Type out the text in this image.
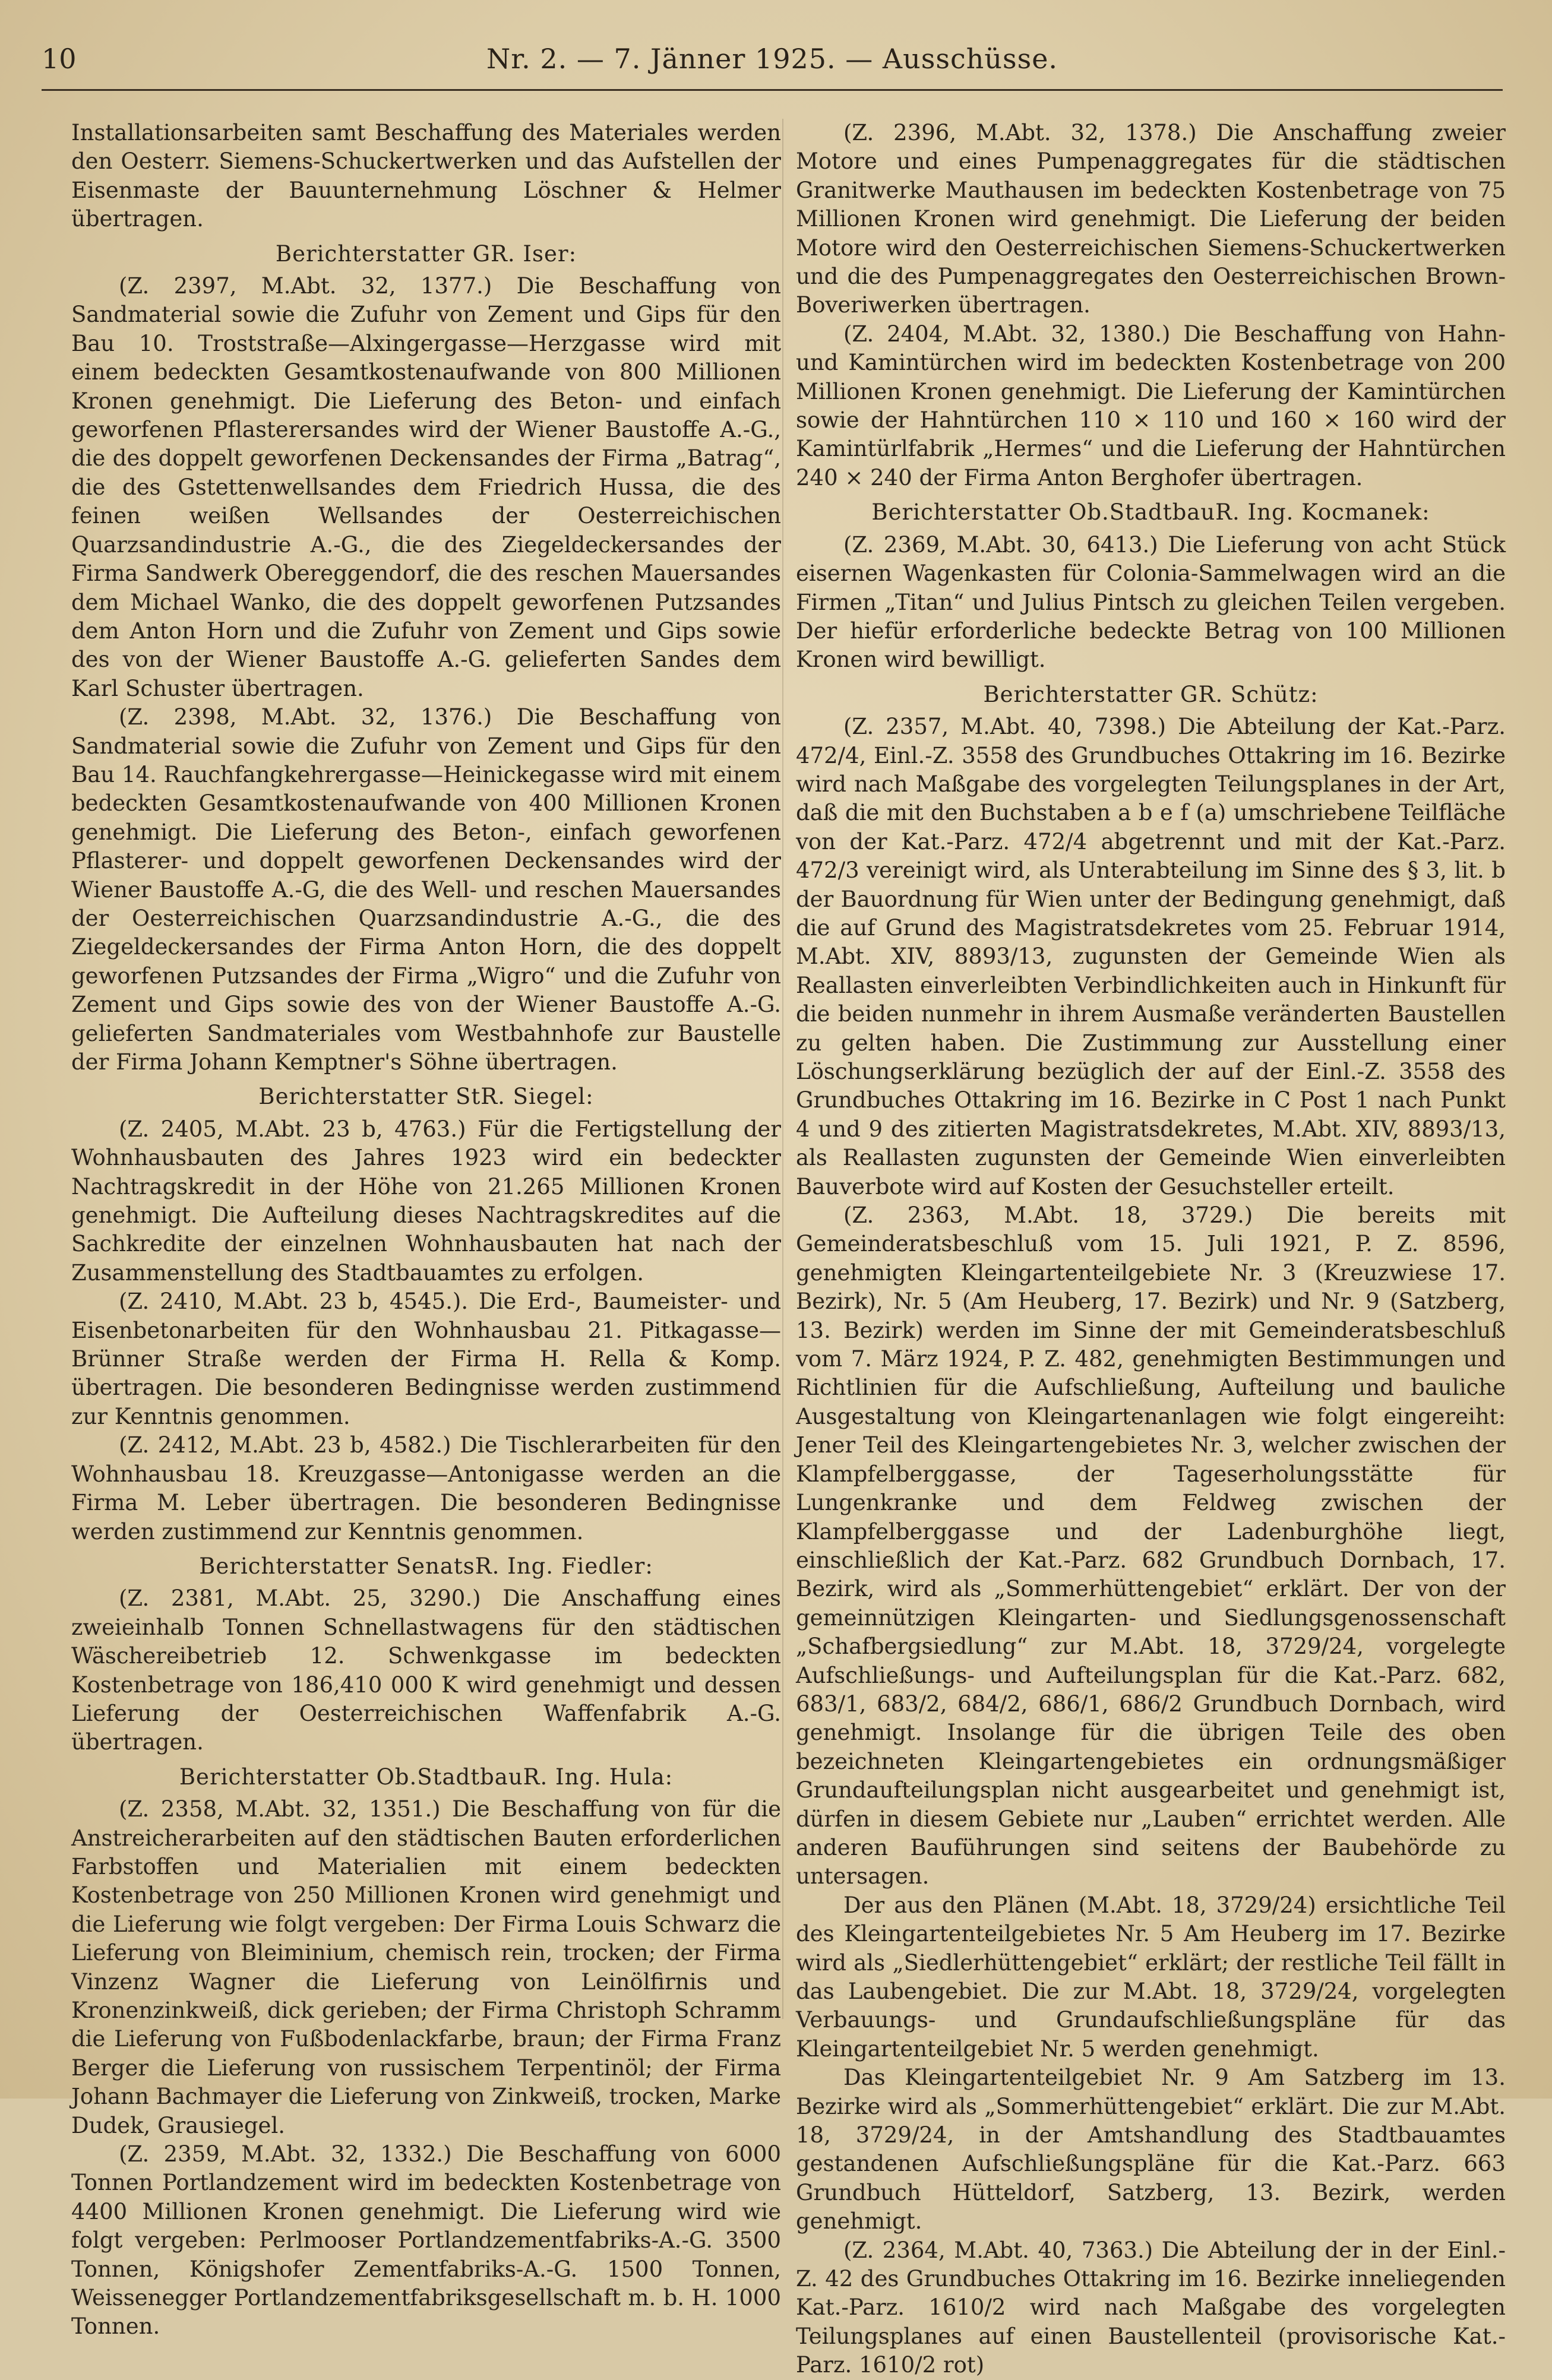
10	Nr. 2. — 7. Jänner 1925. — Ausschüsse.

Installationsarbeiten samt Beschaffung des Materiales werden den Oesterr. Siemens-Schuckertwerken und das Aufstellen der Eisenmaste der Bauunternehmung Löschner & Helmer übertragen.

Berichterstatter GR. Iser:

(Z. 2397, M.Abt. 32, 1377.) Die Beschaffung von Sandmaterial sowie die Zufuhr von Zement und Gips für den Bau 10. Troststraße—Alxingergasse—Herzgasse wird mit einem bedeckten Gesamtkostenaufwande von 800 Millionen Kronen genehmigt. Die Lieferung des Beton- und einfach geworfenen Pflasterersandes wird der Wiener Baustoffe A.-G., die des doppelt geworfenen Deckensandes der Firma „Batrag“, die des Gstettenwellsandes dem Friedrich Hussa, die des feinen weißen Wellsandes der Oesterreichischen Quarzsandindustrie A.-G., die des Ziegeldeckersandes der Firma Sandwerk Obereggendorf, die des reschen Mauersandes dem Michael Wanko, die des doppelt geworfenen Putzsandes dem Anton Horn und die Zufuhr von Zement und Gips sowie des von der Wiener Baustoffe A.-G. gelieferten Sandes dem Karl Schuster übertragen.

(Z. 2398, M.Abt. 32, 1376.) Die Beschaffung von Sandmaterial sowie die Zufuhr von Zement und Gips für den Bau 14. Rauchfangkehrergasse—Heinickegasse wird mit einem bedeckten Gesamtkostenaufwande von 400 Millionen Kronen genehmigt. Die Lieferung des Beton-, einfach geworfenen Pflasterer- und doppelt geworfenen Deckensandes wird der Wiener Baustoffe A.-G, die des Well- und reschen Mauersandes der Oesterreichischen Quarzsandindustrie A.-G., die des Ziegeldeckersandes der Firma Anton Horn, die des doppelt geworfenen Putzsandes der Firma „Wigro“ und die Zufuhr von Zement und Gips sowie des von der Wiener Baustoffe A.-G. gelieferten Sandmateriales vom Westbahnhofe zur Baustelle der Firma Johann Kemptner's Söhne übertragen.

Berichterstatter StR. Siegel:

(Z. 2405, M.Abt. 23 b, 4763.) Für die Fertigstellung der Wohnhausbauten des Jahres 1923 wird ein bedeckter Nachtragskredit in der Höhe von 21.265 Millionen Kronen genehmigt. Die Aufteilung dieses Nachtragskredites auf die Sachkredite der einzelnen Wohnhausbauten hat nach der Zusammenstellung des Stadtbauamtes zu erfolgen.

(Z. 2410, M.Abt. 23 b, 4545.). Die Erd-, Baumeister- und Eisenbetonarbeiten für den Wohnhausbau 21. Pitkagasse—Brünner Straße werden der Firma H. Rella & Komp. übertragen. Die besonderen Bedingnisse werden zustimmend zur Kenntnis genommen.

(Z. 2412, M.Abt. 23 b, 4582.) Die Tischlerarbeiten für den Wohnhausbau 18. Kreuzgasse—Antonigasse werden an die Firma M. Leber übertragen. Die besonderen Bedingnisse werden zustimmend zur Kenntnis genommen.

Berichterstatter SenatsR. Ing. Fiedler:

(Z. 2381, M.Abt. 25, 3290.) Die Anschaffung eines zweieinhalb Tonnen Schnellastwagens für den städtischen Wäschereibetrieb 12. Schwenkgasse im bedeckten Kostenbetrage von 186,410 000 K wird genehmigt und dessen Lieferung der Oesterreichischen Waffenfabrik A.-G. übertragen.

Berichterstatter Ob.StadtbauR. Ing. Hula:

(Z. 2358, M.Abt. 32, 1351.) Die Beschaffung von für die Anstreicherarbeiten auf den städtischen Bauten erforderlichen Farbstoffen und Materialien mit einem bedeckten Kostenbetrage von 250 Millionen Kronen wird genehmigt und die Lieferung wie folgt vergeben: Der Firma Louis Schwarz die Lieferung von Bleiminium, chemisch rein, trocken; der Firma Vinzenz Wagner die Lieferung von Leinölfirnis und Kronenzinkweiß, dick gerieben; der Firma Christoph Schramm die Lieferung von Fußbodenlackfarbe, braun; der Firma Franz Berger die Lieferung von russischem Terpentinöl; der Firma Johann Bachmayer die Lieferung von Zinkweiß, trocken, Marke Dudek, Grausiegel.

(Z. 2359, M.Abt. 32, 1332.) Die Beschaffung von 6000 Tonnen Portlandzement wird im bedeckten Kostenbetrage von 4400 Millionen Kronen genehmigt. Die Lieferung wird wie folgt vergeben: Perlmooser Portlandzementfabriks-A.-G. 3500 Tonnen, Königshofer Zementfabriks-A.-G. 1500 Tonnen, Weissenegger Portlandzementfabriksgesellschaft m. b. H. 1000 Tonnen.

(Z. 2396, M.Abt. 32, 1378.) Die Anschaffung zweier Motore und eines Pumpenaggregates für die städtischen Granitwerke Mauthausen im bedeckten Kostenbetrage von 75 Millionen Kronen wird genehmigt. Die Lieferung der beiden Motore wird den Oesterreichischen Siemens-Schuckertwerken und die des Pumpenaggregates den Oesterreichischen Brown-Boveriwerken übertragen.

(Z. 2404, M.Abt. 32, 1380.) Die Beschaffung von Hahn- und Kamintürchen wird im bedeckten Kostenbetrage von 200 Millionen Kronen genehmigt. Die Lieferung der Kamintürchen sowie der Hahntürchen 110 × 110 und 160 × 160 wird der Kamintürlfabrik „Hermes“ und die Lieferung der Hahntürchen 240 × 240 der Firma Anton Berghofer übertragen.

Berichterstatter Ob.StadtbauR. Ing. Kocmanek:

(Z. 2369, M.Abt. 30, 6413.) Die Lieferung von acht Stück eisernen Wagenkasten für Colonia-Sammelwagen wird an die Firmen „Titan“ und Julius Pintsch zu gleichen Teilen vergeben. Der hiefür erforderliche bedeckte Betrag von 100 Millionen Kronen wird bewilligt.

Berichterstatter GR. Schütz:

(Z. 2357, M.Abt. 40, 7398.) Die Abteilung der Kat.-Parz. 472/4, Einl.-Z. 3558 des Grundbuches Ottakring im 16. Bezirke wird nach Maßgabe des vorgelegten Teilungsplanes in der Art, daß die mit den Buchstaben a b e f (a) umschriebene Teilfläche von der Kat.-Parz. 472/4 abgetrennt und mit der Kat.-Parz. 472/3 vereinigt wird, als Unterabteilung im Sinne des § 3, lit. b der Bauordnung für Wien unter der Bedingung genehmigt, daß die auf Grund des Magistratsdekretes vom 25. Februar 1914, M.Abt. XIV, 8893/13, zugunsten der Gemeinde Wien als Reallasten einverleibten Verbindlichkeiten auch in Hinkunft für die beiden nunmehr in ihrem Ausmaße veränderten Baustellen zu gelten haben. Die Zustimmung zur Ausstellung einer Löschungserklärung bezüglich der auf der Einl.-Z. 3558 des Grundbuches Ottakring im 16. Bezirke in C Post 1 nach Punkt 4 und 9 des zitierten Magistratsdekretes, M.Abt. XIV, 8893/13, als Reallasten zugunsten der Gemeinde Wien einverleibten Bauverbote wird auf Kosten der Gesuchsteller erteilt.

(Z. 2363, M.Abt. 18, 3729.) Die bereits mit Gemeinderatsbeschluß vom 15. Juli 1921, P. Z. 8596, genehmigten Kleingartenteilgebiete Nr. 3 (Kreuzwiese 17. Bezirk), Nr. 5 (Am Heuberg, 17. Bezirk) und Nr. 9 (Satzberg, 13. Bezirk) werden im Sinne der mit Gemeinderatsbeschluß vom 7. März 1924, P. Z. 482, genehmigten Bestimmungen und Richtlinien für die Aufschließung, Aufteilung und bauliche Ausgestaltung von Kleingartenanlagen wie folgt eingereiht: Jener Teil des Kleingartengebietes Nr. 3, welcher zwischen der Klampfelberggasse, der Tageserholungsstätte für Lungenkranke und dem Feldweg zwischen der Klampfelberggasse und der Ladenburghöhe liegt, einschließlich der Kat.-Parz. 682 Grundbuch Dornbach, 17. Bezirk, wird als „Sommerhüttengebiet“ erklärt. Der von der gemeinnützigen Kleingarten- und Siedlungsgenossenschaft „Schafbergsiedlung“ zur M.Abt. 18, 3729/24, vorgelegte Aufschließungs- und Aufteilungsplan für die Kat.-Parz. 682, 683/1, 683/2, 684/2, 686/1, 686/2 Grundbuch Dornbach, wird genehmigt. Insolange für die übrigen Teile des oben bezeichneten Kleingartengebietes ein ordnungsmäßiger Grundaufteilungsplan nicht ausgearbeitet und genehmigt ist, dürfen in diesem Gebiete nur „Lauben“ errichtet werden. Alle anderen Bauführungen sind seitens der Baubehörde zu untersagen.

Der aus den Plänen (M.Abt. 18, 3729/24) ersichtliche Teil des Kleingartenteilgebietes Nr. 5 Am Heuberg im 17. Bezirke wird als „Siedlerhüttengebiet“ erklärt; der restliche Teil fällt in das Laubengebiet. Die zur M.Abt. 18, 3729/24, vorgelegten Verbauungs- und Grundaufschließungspläne für das Kleingartenteilgebiet Nr. 5 werden genehmigt.

Das Kleingartenteilgebiet Nr. 9 Am Satzberg im 13. Bezirke wird als „Sommerhüttengebiet“ erklärt. Die zur M.Abt. 18, 3729/24, in der Amtshandlung des Stadtbauamtes gestandenen Aufschließungspläne für die Kat.-Parz. 663 Grundbuch Hütteldorf, Satzberg, 13. Bezirk, werden genehmigt.

(Z. 2364, M.Abt. 40, 7363.) Die Abteilung der in der Einl.-Z. 42 des Grundbuches Ottakring im 16. Bezirke inneliegenden Kat.-Parz. 1610/2 wird nach Maßgabe des vorgelegten Teilungsplanes auf einen Baustellenteil (provisorische Kat.-Parz. 1610/2 rot)
